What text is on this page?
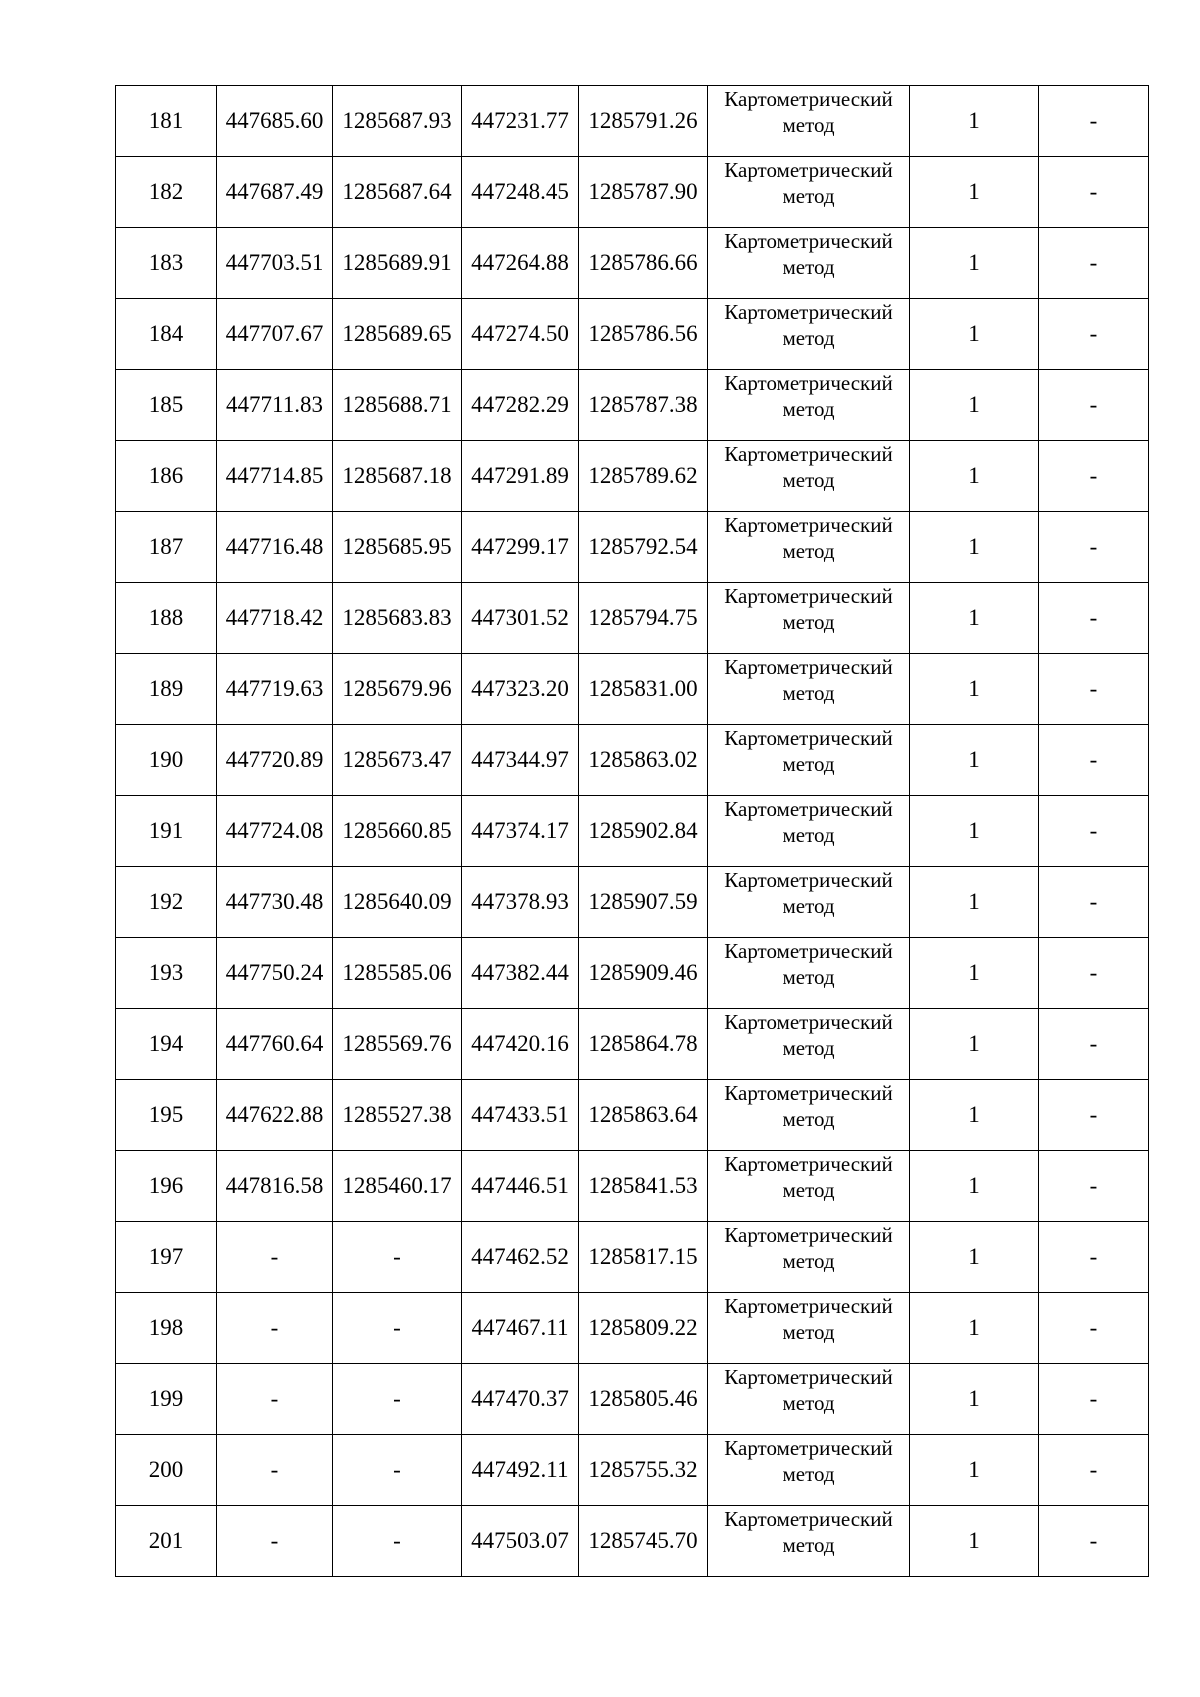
181	447685.60	1285687.93	447231.77	1285791.26	Картометрический метод	1	-
182	447687.49	1285687.64	447248.45	1285787.90	Картометрический метод	1	-
183	447703.51	1285689.91	447264.88	1285786.66	Картометрический метод	1	-
184	447707.67	1285689.65	447274.50	1285786.56	Картометрический метод	1	-
185	447711.83	1285688.71	447282.29	1285787.38	Картометрический метод	1	-
186	447714.85	1285687.18	447291.89	1285789.62	Картометрический метод	1	-
187	447716.48	1285685.95	447299.17	1285792.54	Картометрический метод	1	-
188	447718.42	1285683.83	447301.52	1285794.75	Картометрический метод	1	-
189	447719.63	1285679.96	447323.20	1285831.00	Картометрический метод	1	-
190	447720.89	1285673.47	447344.97	1285863.02	Картометрический метод	1	-
191	447724.08	1285660.85	447374.17	1285902.84	Картометрический метод	1	-
192	447730.48	1285640.09	447378.93	1285907.59	Картометрический метод	1	-
193	447750.24	1285585.06	447382.44	1285909.46	Картометрический метод	1	-
194	447760.64	1285569.76	447420.16	1285864.78	Картометрический метод	1	-
195	447622.88	1285527.38	447433.51	1285863.64	Картометрический метод	1	-
196	447816.58	1285460.17	447446.51	1285841.53	Картометрический метод	1	-
197	-	-	447462.52	1285817.15	Картометрический метод	1	-
198	-	-	447467.11	1285809.22	Картометрический метод	1	-
199	-	-	447470.37	1285805.46	Картометрический метод	1	-
200	-	-	447492.11	1285755.32	Картометрический метод	1	-
201	-	-	447503.07	1285745.70	Картометрический метод	1	-
